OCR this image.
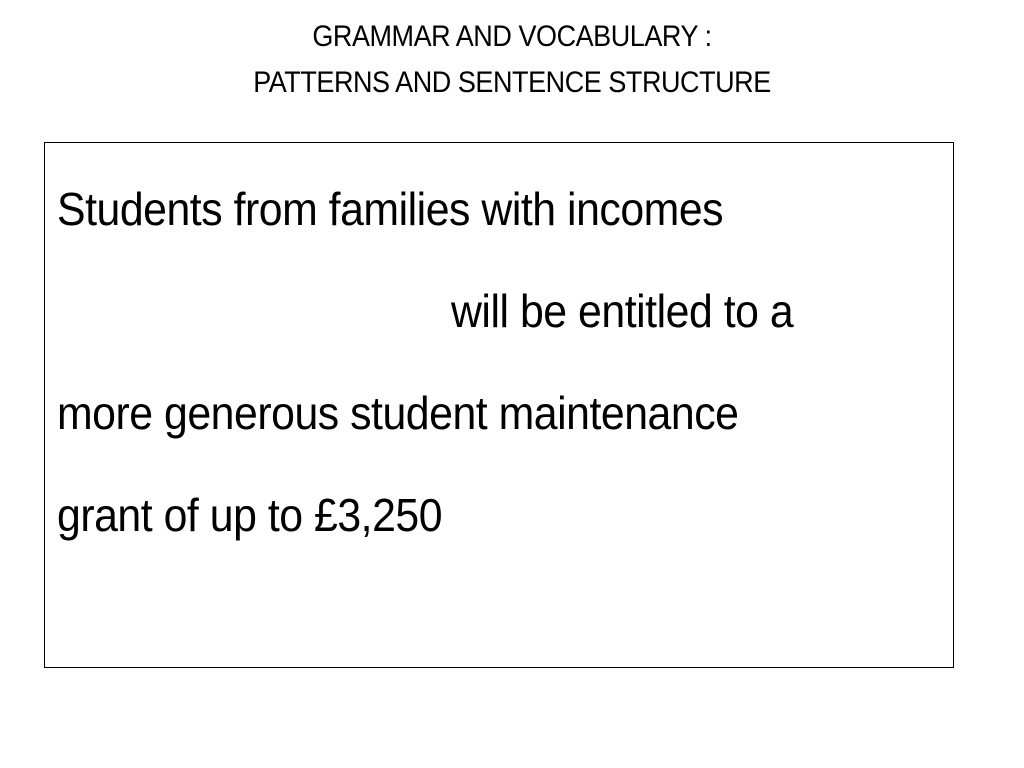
GRAMMAR AND VOCABULARY :
PATTERNS AND SENTENCE STRUCTURE
Students from families with incomes
will be entitled to a
more generous student maintenance
grant of up to £3,250
